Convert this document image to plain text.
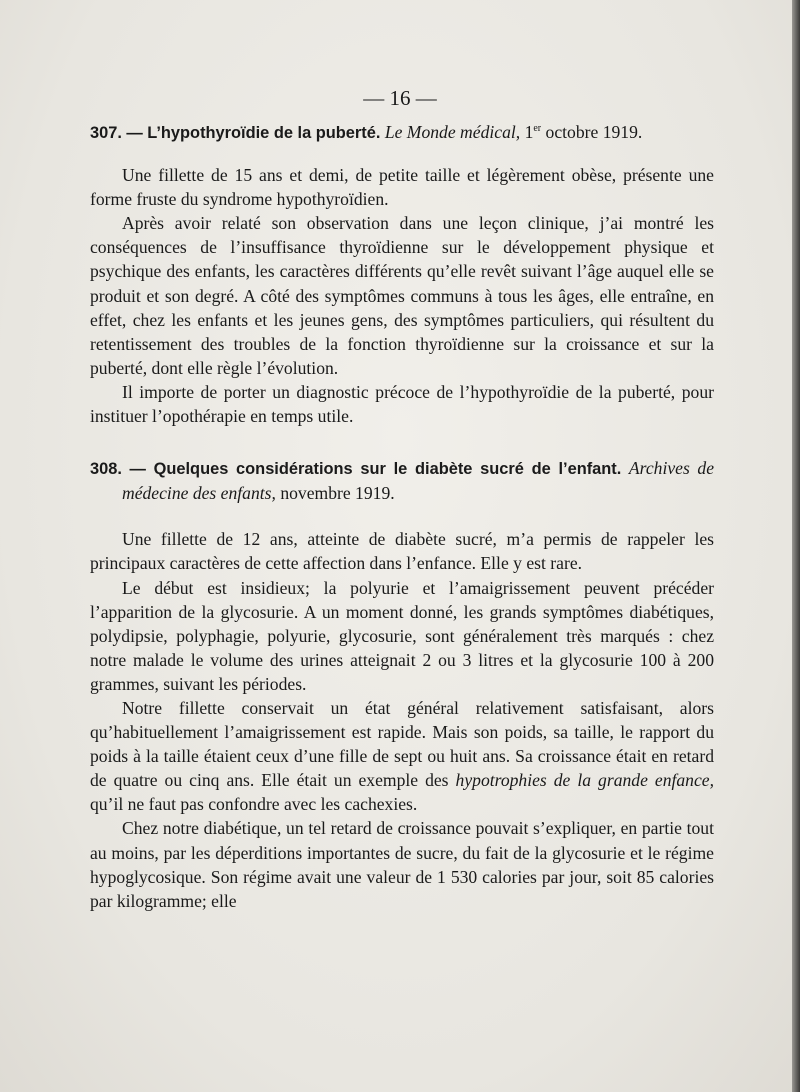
— 16 —

307. — L’hypothyroïdie de la puberté. Le Monde médical, 1er octobre 1919.

Une fillette de 15 ans et demi, de petite taille et légèrement obèse, présente une forme fruste du syndrome hypothyroïdien.

Après avoir relaté son observation dans une leçon clinique, j’ai montré les conséquences de l’insuffisance thyroïdienne sur le développement physique et psychique des enfants, les caractères différents qu’elle revêt suivant l’âge auquel elle se produit et son degré. A côté des symptômes communs à tous les âges, elle entraîne, en effet, chez les enfants et les jeunes gens, des symptômes particuliers, qui résultent du retentissement des troubles de la fonction thyroïdienne sur la croissance et sur la puberté, dont elle règle l’évolution.

Il importe de porter un diagnostic précoce de l’hypothyroïdie de la puberté, pour instituer l’opothérapie en temps utile.

308. — Quelques considérations sur le diabète sucré de l’enfant. Archives de médecine des enfants, novembre 1919.

Une fillette de 12 ans, atteinte de diabète sucré, m’a permis de rappeler les principaux caractères de cette affection dans l’enfance. Elle y est rare.

Le début est insidieux; la polyurie et l’amaigrissement peuvent précéder l’apparition de la glycosurie. A un moment donné, les grands symptômes diabétiques, polydipsie, polyphagie, polyurie, glycosurie, sont généralement très marqués : chez notre malade le volume des urines atteignait 2 ou 3 litres et la glycosurie 100 à 200 grammes, suivant les périodes.

Notre fillette conservait un état général relativement satisfaisant, alors qu’habituellement l’amaigrissement est rapide. Mais son poids, sa taille, le rapport du poids à la taille étaient ceux d’une fille de sept ou huit ans. Sa croissance était en retard de quatre ou cinq ans. Elle était un exemple des hypotrophies de la grande enfance, qu’il ne faut pas confondre avec les cachexies.

Chez notre diabétique, un tel retard de croissance pouvait s’expliquer, en partie tout au moins, par les déperditions importantes de sucre, du fait de la glycosurie et le régime hypoglycosique. Son régime avait une valeur de 1 530 calories par jour, soit 85 calories par kilogramme; elle
